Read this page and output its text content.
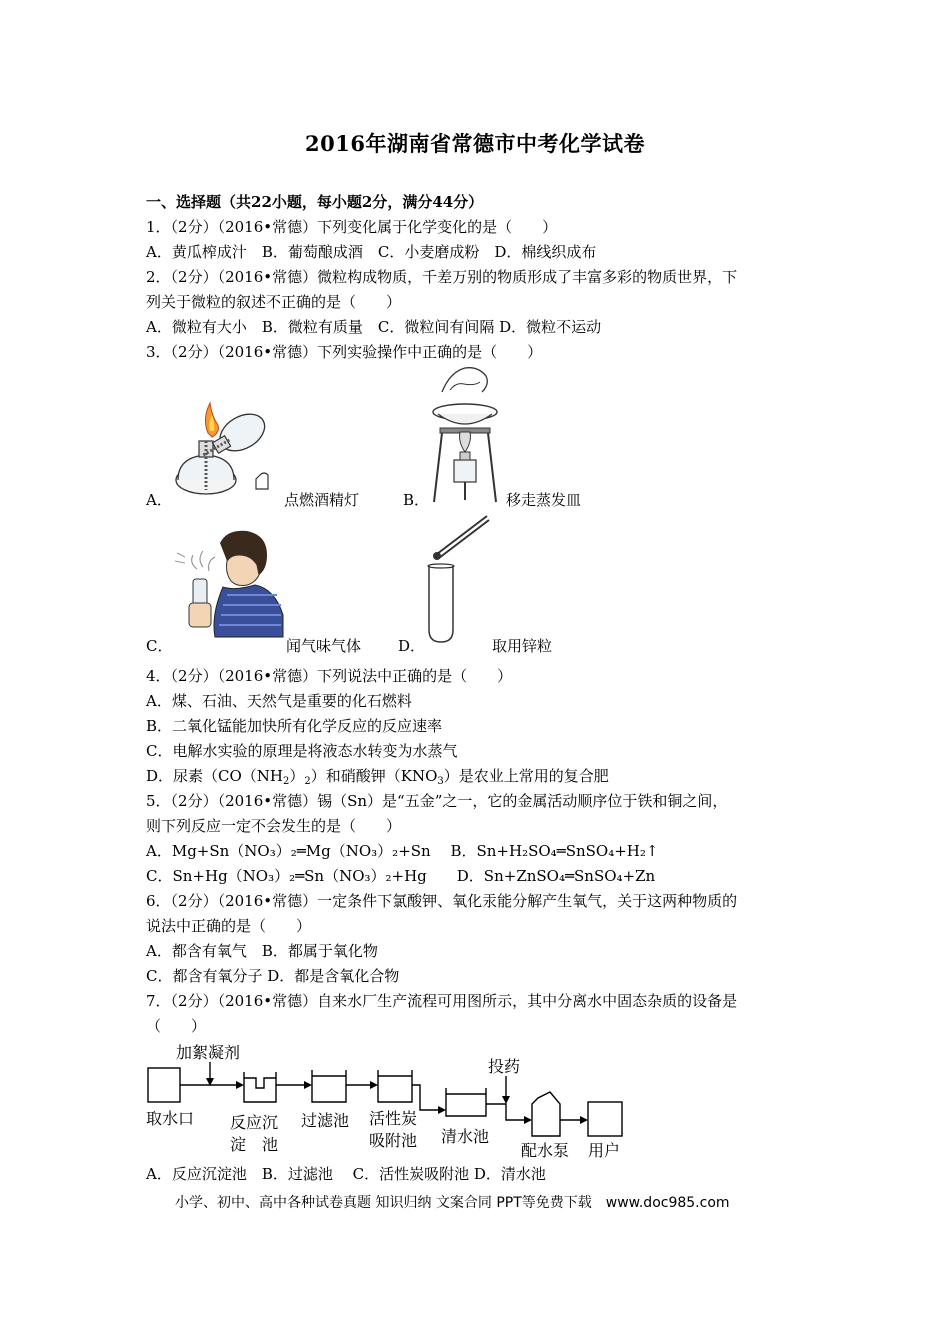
2016年湖南省常德市中考化学试卷
一、选择题（共22小题，每小题2分，满分44分）
1．（2分）（2016•常德）下列变化属于化学变化的是（　　）
A．黄瓜榨成汁　B．葡萄酿成酒　C．小麦磨成粉　D．棉线织成布
2．（2分）（2016•常德）微粒构成物质，千差万别的物质形成了丰富多彩的物质世界，下
列关于微粒的叙述不正确的是（　　）
A．微粒有大小　B．微粒有质量　C．微粒间有间隔 D．微粒不运动
3．（2分）（2016•常德）下列实验操作中正确的是（　　）
A．	点燃酒精灯	B．	移走蒸发皿
C．	闻气味气体 D．	取用锌粒
4．（2分）（2016•常德）下列说法中正确的是（　　）
A．煤、石油、天然气是重要的化石燃料
B．二氧化锰能加快所有化学反应的反应速率
C．电解水实验的原理是将液态水转变为水蒸气
D．尿素$(CO(NH_2)_2)$和硝酸钾$(KNO_3)$是农业上常用的复合肥
5．（2分）（2016•常德）锡（Sn）是“五金”之一，它的金属活动顺序位于铁和铜之间，
则下列反应一定不会发生的是（　　）
A．Mg+Sn（NO₃）₂═Mg（NO₃）₂+Sn　 B．Sn+H₂SO₄═SnSO₄+H₂↑
C．Sn+Hg（NO₃）₂═Sn（NO₃）₂+Hg　　D．Sn+ZnSO₄═SnSO₄+Zn
6．（2分）（2016•常德）一定条件下氯酸钾、氧化汞能分解产生氧气，关于这两种物质的
说法中正确的是（　　）
A．都含有氧气　B．都属于氧化物
C．都含有氧分子 D．都是含氧化合物
7．（2分）（2016•常德）自来水厂生产流程可用图所示，其中分离水中固态杂质的设备是
（　　）
加絮凝剂
取水口 反应沉
淀　池
过滤池 活性炭
吸附池 清水池
投药
配水泵 用户
A．反应沉淀池　B．过滤池　 C．活性炭吸附池 D．清水池
小学、初中、高中各种试卷真题 知识归纳 文案合同 PPT等免费下载　www.doc985.com
